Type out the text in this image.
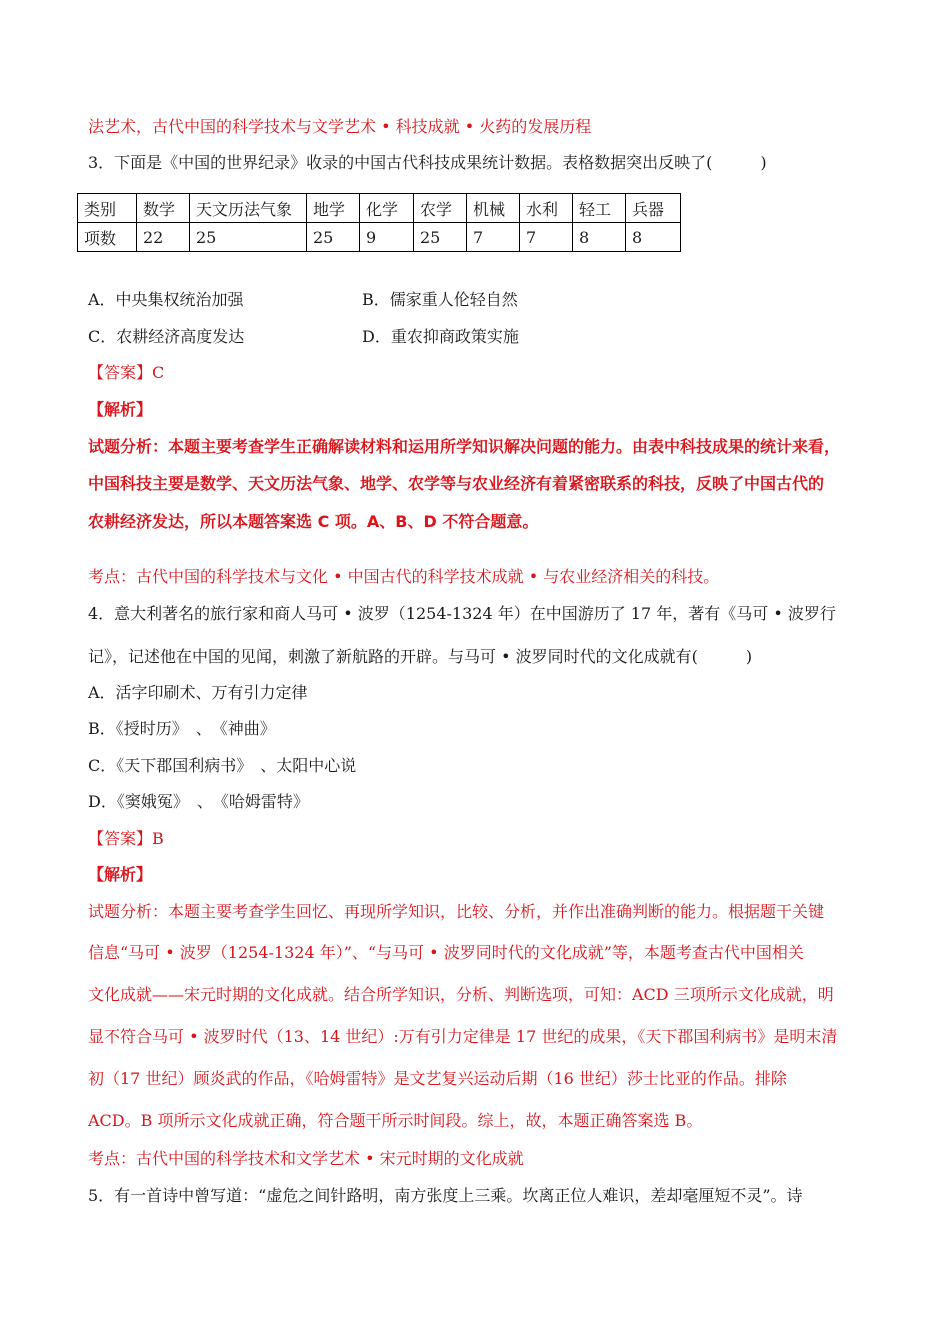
法艺术，古代中国的科学技术与文学艺术 • 科技成就 • 火药的发展历程
3．下面是《中国的世界纪录》收录的中国古代科技成果统计数据。表格数据突出反映了(　　　)
类别	数学	天文历法气象	地学	化学	农学	机械	水利	轻工	兵器
项数	22	25	25	9	25	7	7	8	8
A．中央集权统治加强	B．儒家重人伦轻自然
C．农耕经济高度发达	D．重农抑商政策实施
【答案】C
【解析】
试题分析：本题主要考查学生正确解读材料和运用所学知识解决问题的能力。由表中科技成果的统计来看，
中国科技主要是数学、天文历法气象、地学、农学等与农业经济有着紧密联系的科技，反映了中国古代的
农耕经济发达，所以本题答案选 C 项。A、B、D 不符合题意。
考点：古代中国的科学技术与文化 • 中国古代的科学技术成就 • 与农业经济相关的科技。
4．意大利著名的旅行家和商人马可 • 波罗（1254-1324 年）在中国游历了 17 年，著有《马可 • 波罗行
记》，记述他在中国的见闻，刺激了新航路的开辟。与马可 • 波罗同时代的文化成就有(　　　)
A．活字印刷术、万有引力定律
B．《授时历》　、　《神曲》
C．《天下郡国利病书》　、太阳中心说
D．《窦娥冤》　、　《哈姆雷特》
【答案】B
【解析】
试题分析：本题主要考查学生回忆、再现所学知识，比较、分析，并作出准确判断的能力。根据题干关键
信息“马可 • 波罗（1254-1324 年）”、“与马可 • 波罗同时代的文化成就”等，本题考查古代中国相关
文化成就——宋元时期的文化成就。结合所学知识，分析、判断选项，可知：ACD 三项所示文化成就，明
显不符合马可 • 波罗时代（13、14 世纪）:万有引力定律是 17 世纪的成果，《天下郡国利病书》是明末清
初（17 世纪）顾炎武的作品，《哈姆雷特》是文艺复兴运动后期（16 世纪）莎士比亚的作品。排除
ACD。B 项所示文化成就正确，符合题干所示时间段。综上，故，本题正确答案选 B。
考点：古代中国的科学技术和文学艺术 • 宋元时期的文化成就
5．有一首诗中曾写道：“虚危之间针路明，南方张度上三乘。坎离正位人难识，差却毫厘短不灵”。诗
